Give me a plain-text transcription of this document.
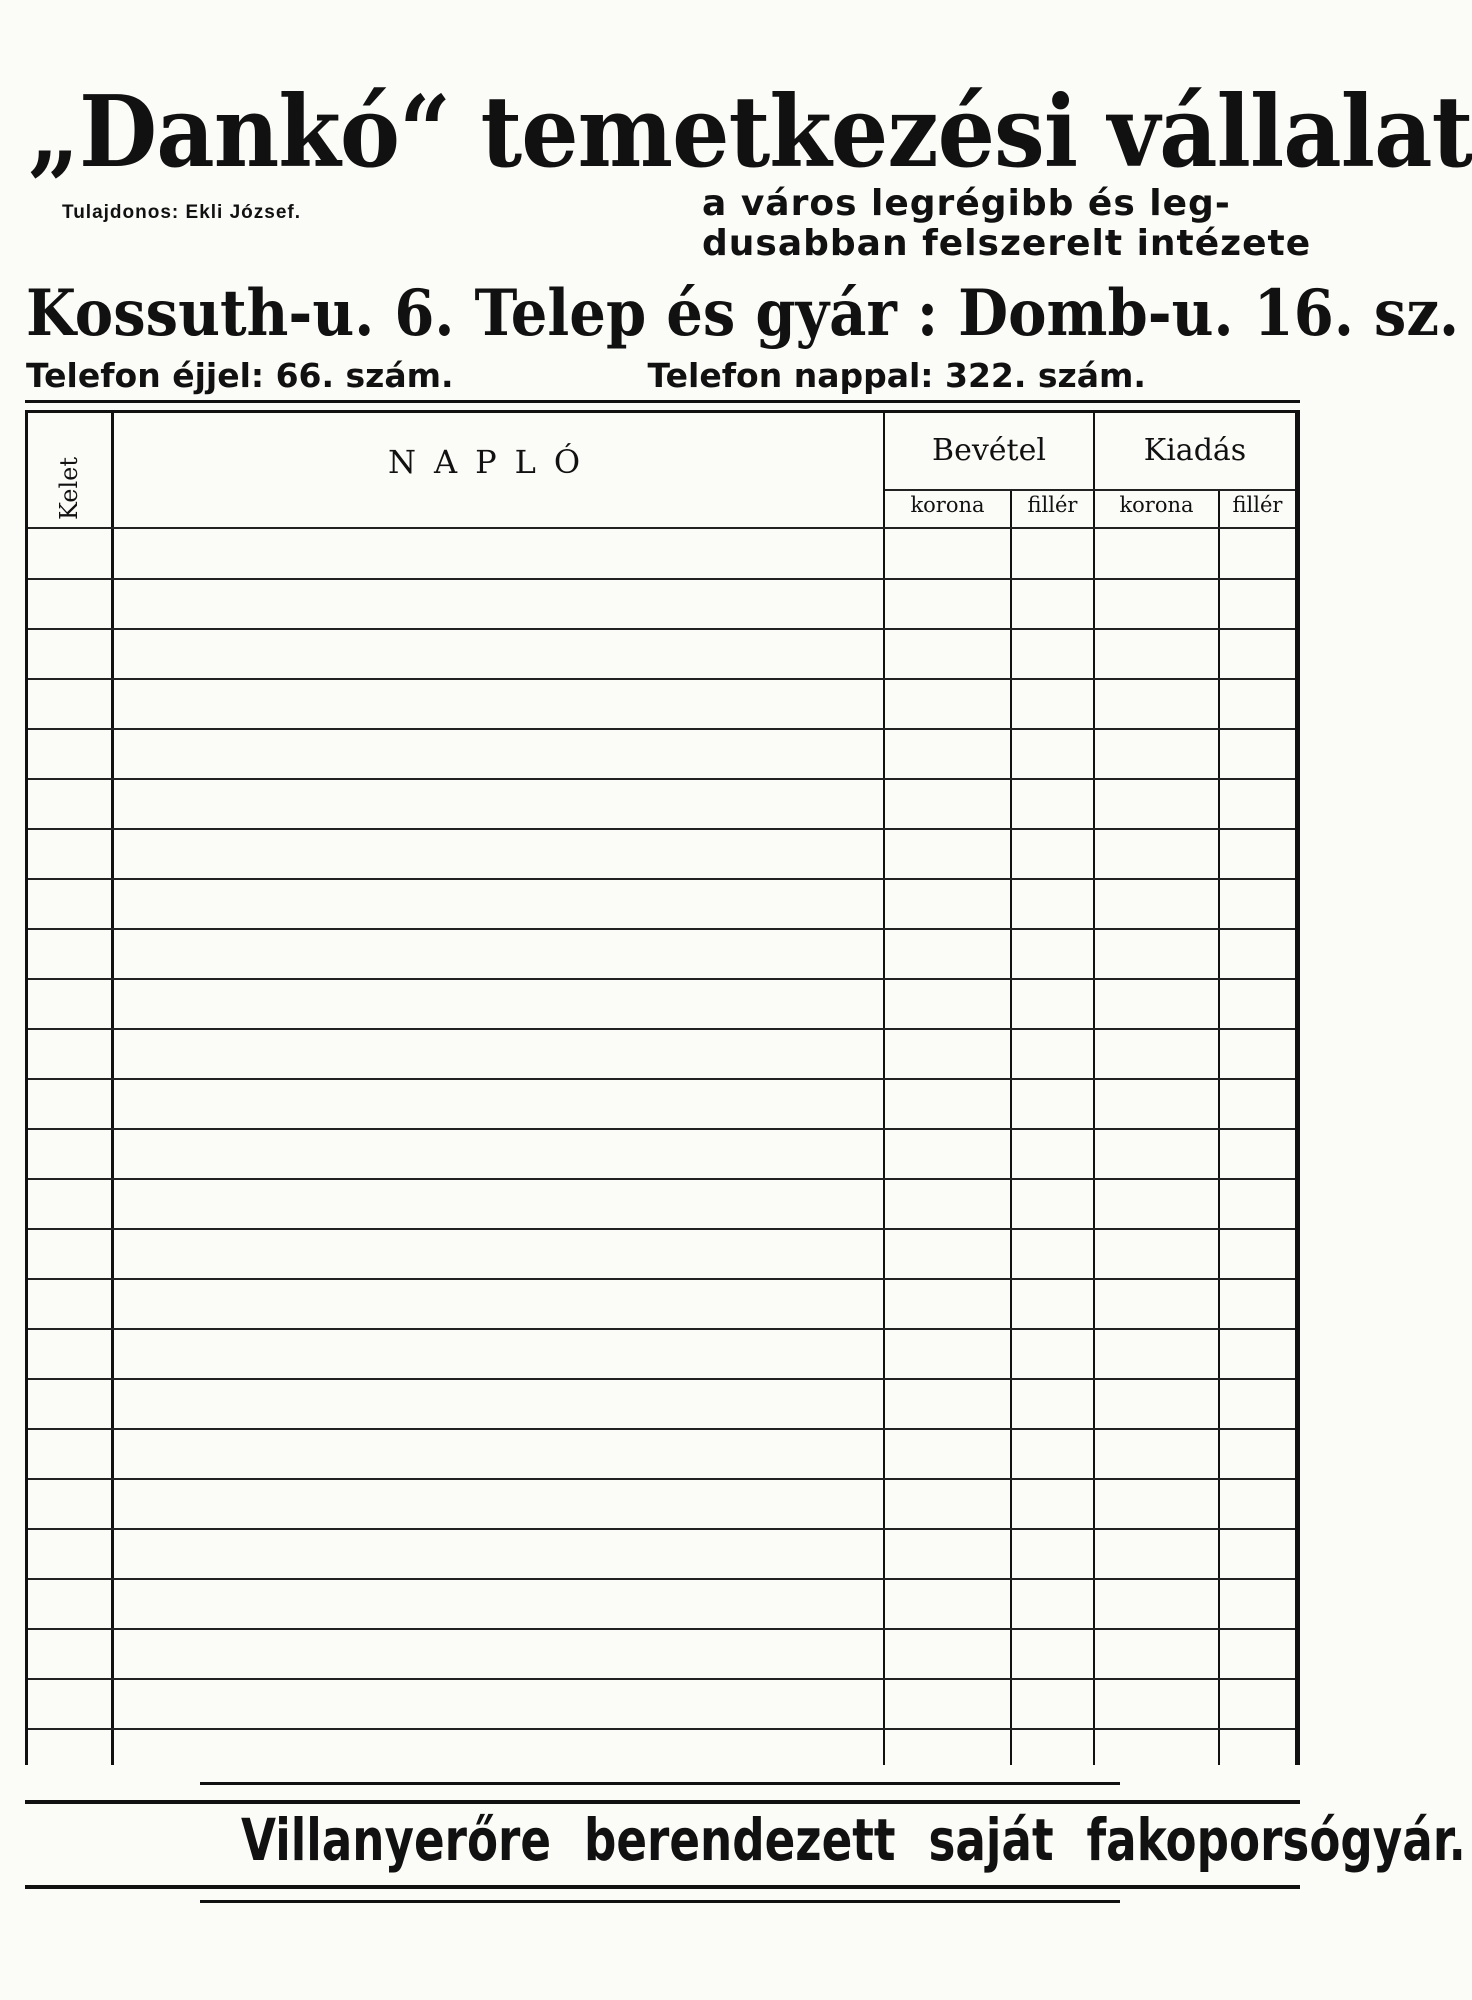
„Dankó“ temetkezési vállalat
Tulajdonos: Ekli József.	a város legrégibb és leg-
dusabban felszerelt intézete
Kossuth-u. 6. Telep és gyár : Domb-u. 16. sz.
Telefon éjjel: 66. szám.	Telefon nappal: 322. szám.
Kelet	NAPLÓ	Bevétel	Kiadás
korona	fillér	korona	fillér
Villanyerőre berendezett saját fakoporsógyár.
